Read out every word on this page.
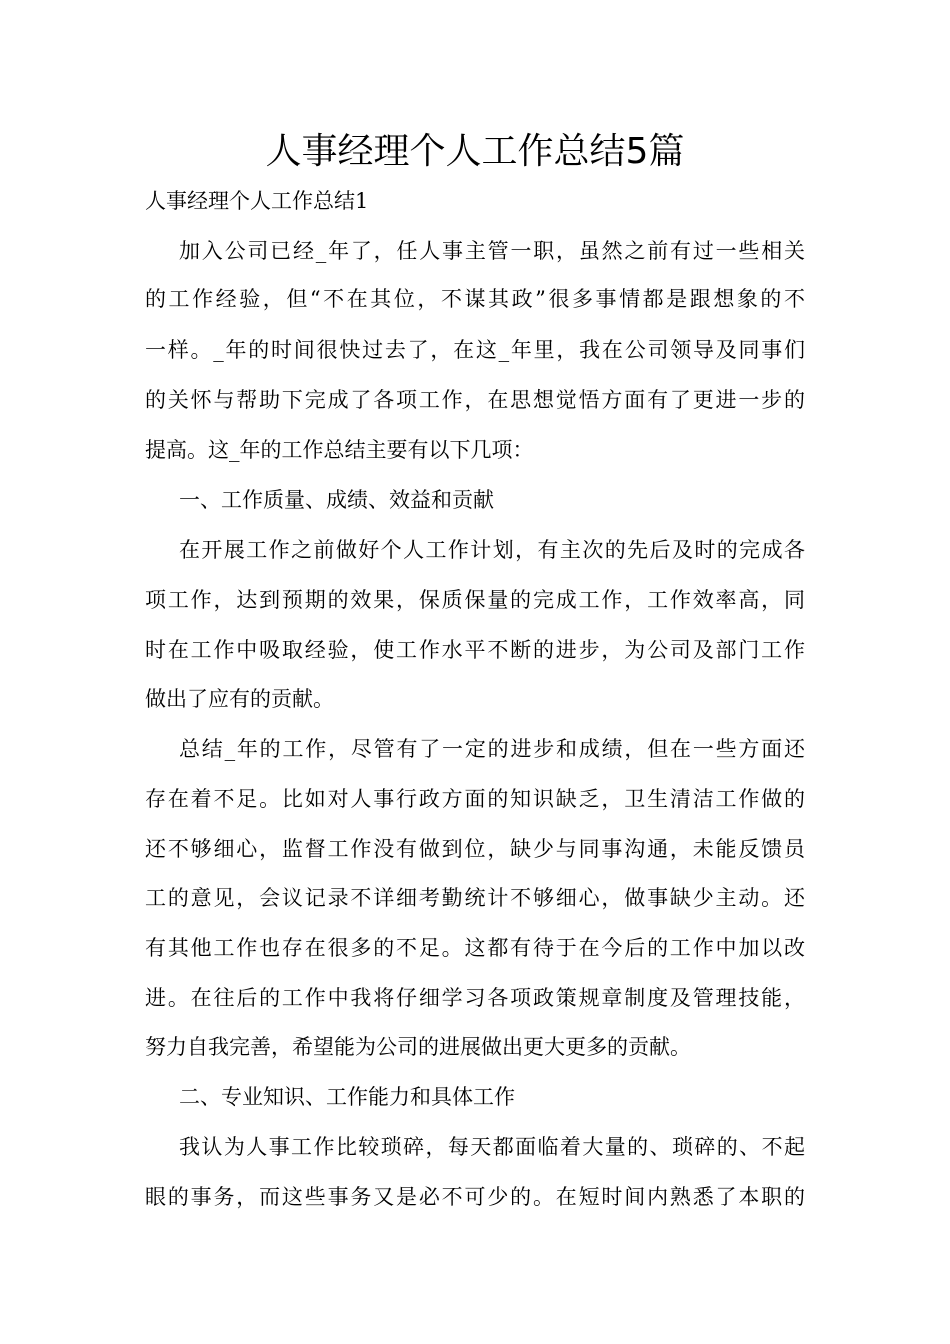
人事经理个人工作总结5篇

人事经理个人工作总结1

加入公司已经_年了，任人事主管一职，虽然之前有过一些相关

的工作经验，但“不在其位，不谋其政”很多事情都是跟想象的不

一样。_年的时间很快过去了，在这_年里，我在公司领导及同事们

的关怀与帮助下完成了各项工作，在思想觉悟方面有了更进一步的

提高。这_年的工作总结主要有以下几项：

一、工作质量、成绩、效益和贡献

在开展工作之前做好个人工作计划，有主次的先后及时的完成各

项工作，达到预期的效果，保质保量的完成工作，工作效率高，同

时在工作中吸取经验，使工作水平不断的进步，为公司及部门工作

做出了应有的贡献。

总结_年的工作，尽管有了一定的进步和成绩，但在一些方面还

存在着不足。比如对人事行政方面的知识缺乏，卫生清洁工作做的

还不够细心，监督工作没有做到位，缺少与同事沟通，未能反馈员

工的意见，会议记录不详细考勤统计不够细心，做事缺少主动。还

有其他工作也存在很多的不足。这都有待于在今后的工作中加以改

进。在往后的工作中我将仔细学习各项政策规章制度及管理技能，

努力自我完善，希望能为公司的进展做出更大更多的贡献。

二、专业知识、工作能力和具体工作

我认为人事工作比较琐碎，每天都面临着大量的、琐碎的、不起

眼的事务，而这些事务又是必不可少的。在短时间内熟悉了本职的
